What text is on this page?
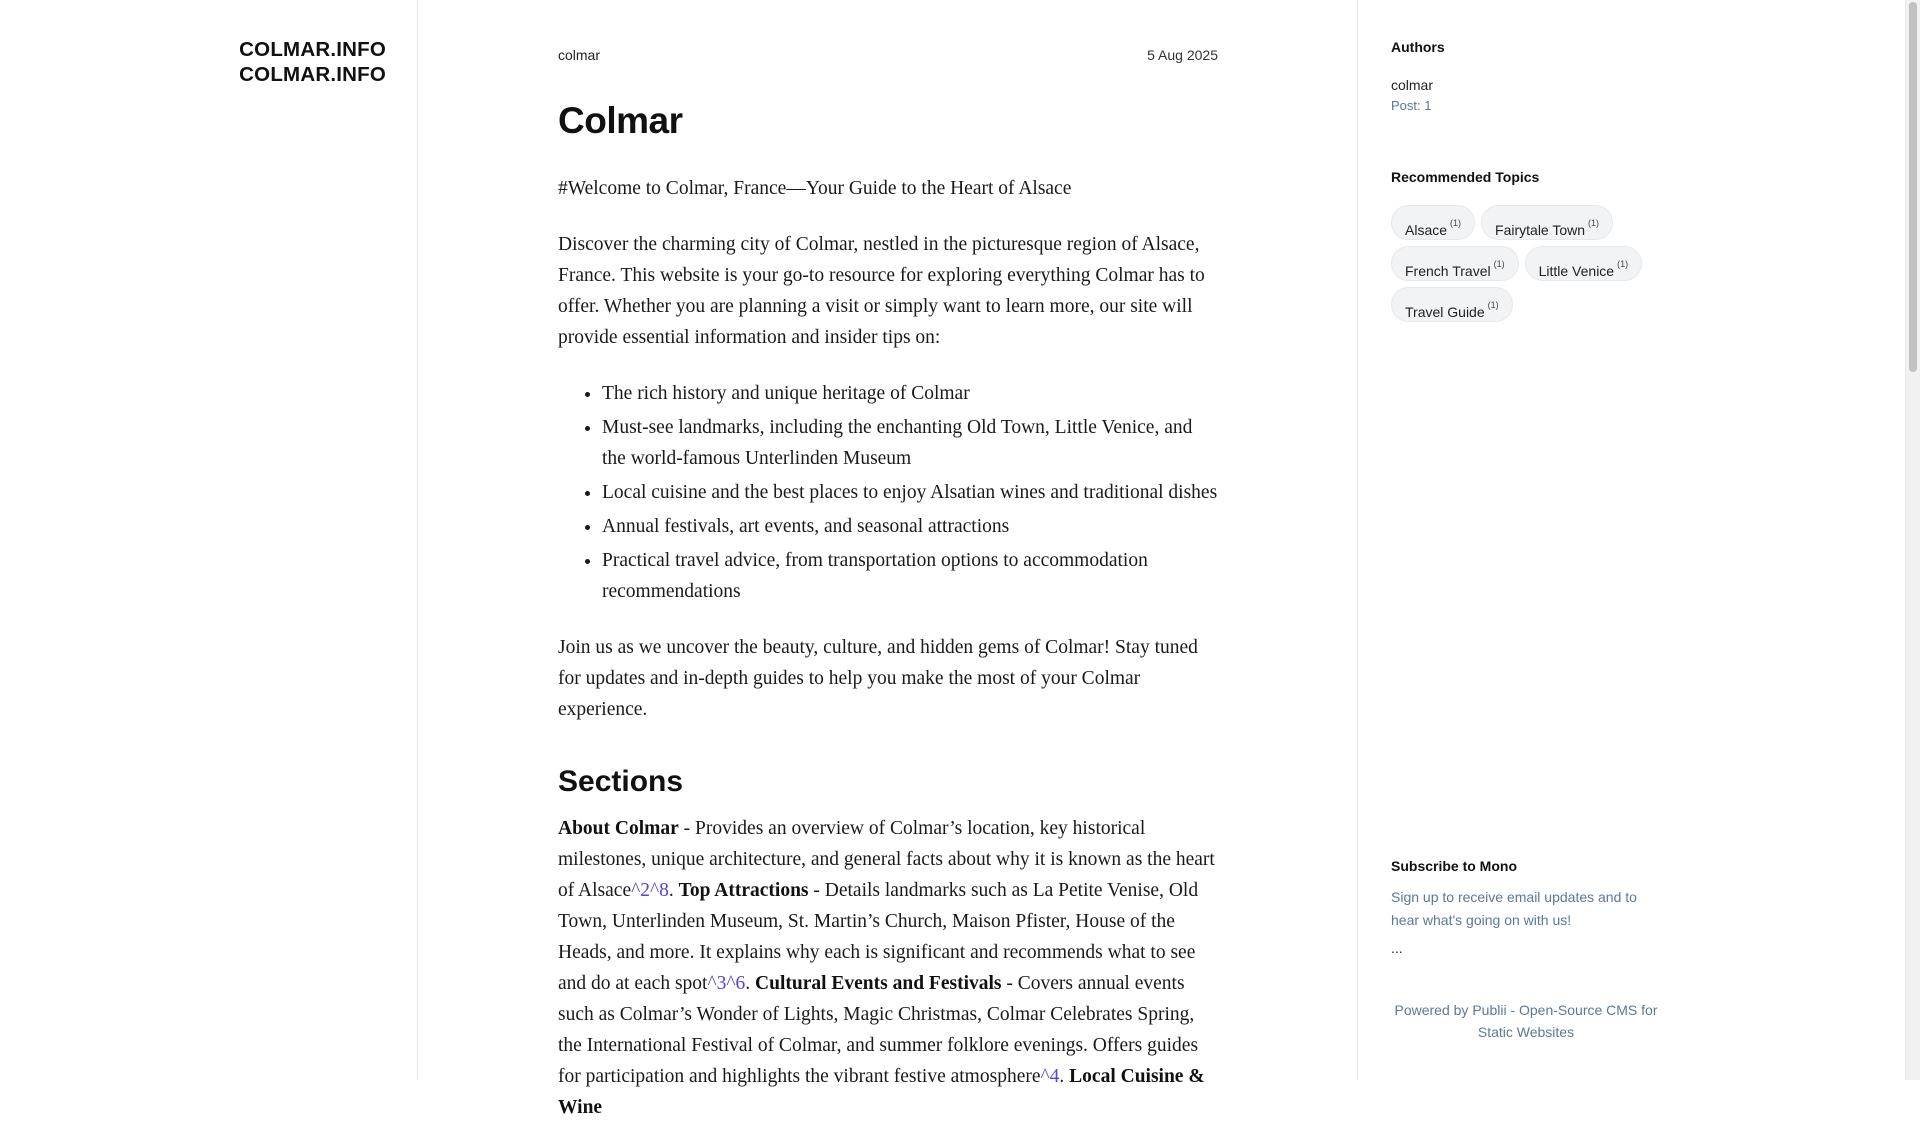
COLMAR.INFO
COLMAR.INFO
colmar	5 Aug 2025
Colmar

#Welcome to Colmar, France—Your Guide to the Heart of Alsace

Discover the charming city of Colmar, nestled in the picturesque region of Alsace, France. This website is your go-to resource for exploring everything Colmar has to offer. Whether you are planning a visit or simply want to learn more, our site will provide essential information and insider tips on:

• The rich history and unique heritage of Colmar
• Must-see landmarks, including the enchanting Old Town, Little Venice, and the world-famous Unterlinden Museum
• Local cuisine and the best places to enjoy Alsatian wines and traditional dishes
• Annual festivals, art events, and seasonal attractions
• Practical travel advice, from transportation options to accommodation recommendations

Join us as we uncover the beauty, culture, and hidden gems of Colmar! Stay tuned for updates and in-depth guides to help you make the most of your Colmar experience.

Sections

About Colmar - Provides an overview of Colmar’s location, key historical milestones, unique architecture, and general facts about why it is known as the heart of Alsace^2^8. Top Attractions - Details landmarks such as La Petite Venise, Old Town, Unterlinden Museum, St. Martin’s Church, Maison Pfister, House of the Heads, and more. It explains why each is significant and recommends what to see and do at each spot^3^6. Cultural Events and Festivals - Covers annual events such as Colmar’s Wonder of Lights, Magic Christmas, Colmar Celebrates Spring, the International Festival of Colmar, and summer folklore evenings. Offers guides for participation and highlights the vibrant festive atmosphere^4. Local Cuisine & Wine

Authors
colmar
Post: 1
Recommended Topics
Alsace $^{(1)}$	Fairytale Town $^{(1)}$
French Travel $^{(1)}$	Little Venice $^{(1)}$
Travel Guide $^{(1)}$
Subscribe to Mono
Sign up to receive email updates and to hear what's going on with us!
...
Powered by Publii - Open-Source CMS for Static Websites
